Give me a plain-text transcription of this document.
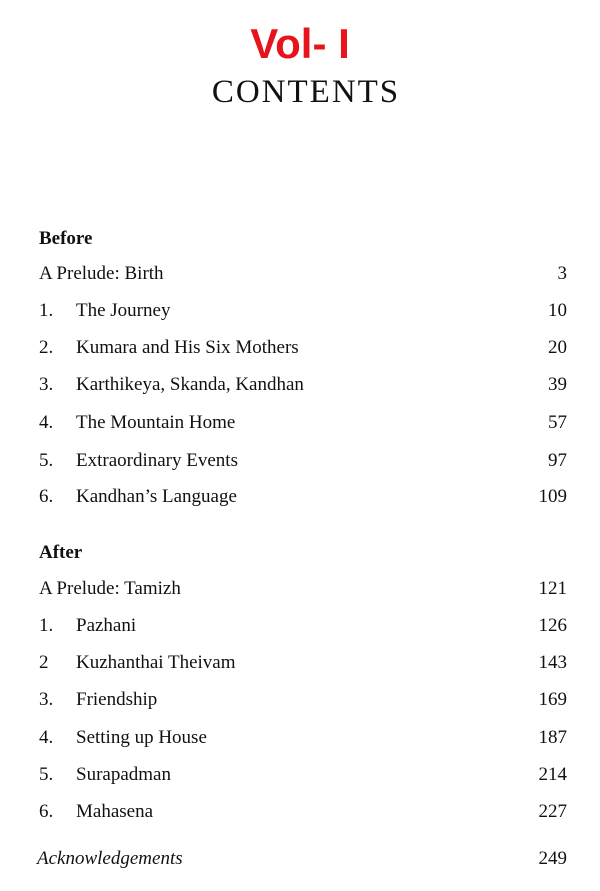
Vol- I
CONTENTS
Before
A Prelude: Birth	3
1. The Journey	10
2. Kumara and His Six Mothers	20
3. Karthikeya, Skanda, Kandhan	39
4. The Mountain Home	57
5. Extraordinary Events	97
6. Kandhan’s Language	109
After
A Prelude: Tamizh	121
1. Pazhani	126
2 Kuzhanthai Theivam	143
3. Friendship	169
4. Setting up House	187
5. Surapadman	214
6. Mahasena	227
Acknowledgements	249
